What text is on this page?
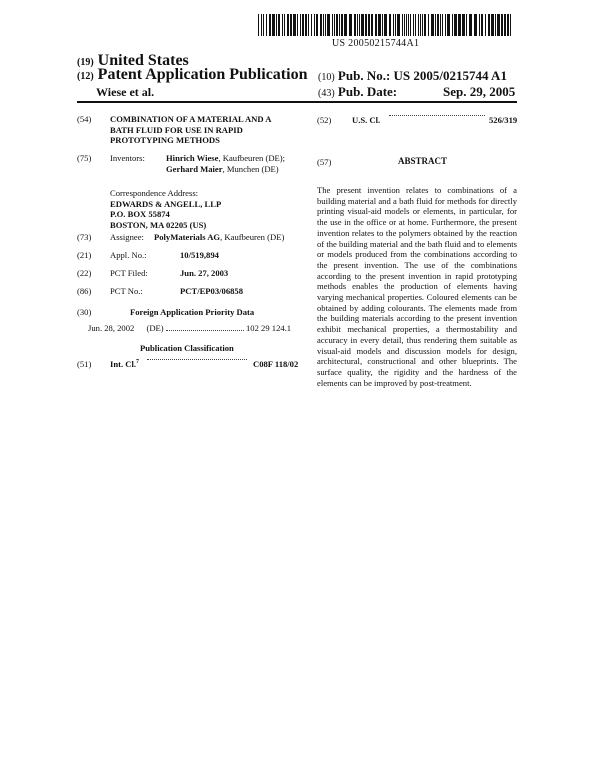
US 20050215744A1
(19) United States
(12) Patent Application Publication
Wiese et al.
(10) Pub. No.: US 2005/0215744 A1
(43) Pub. Date:	Sep. 29, 2005
(54) COMBINATION OF A MATERIAL AND A BATH FLUID FOR USE IN RAPID PROTOTYPING METHODS
(75) Inventors: Hinrich Wiese, Kaufbeuren (DE);
Gerhard Maier, Munchen (DE)
Correspondence Address:
EDWARDS & ANGELL, LLP
P.O. BOX 55874
BOSTON, MA 02205 (US)
(73) Assignee: PolyMaterials AG, Kaufbeuren (DE)
(21) Appl. No.:	10/519,894
(22) PCT Filed:	Jun. 27, 2003
(86) PCT No.:	PCT/EP03/06858
(30)	Foreign Application Priority Data
Jun. 28, 2002 (DE)	102 29 124.1
Publication Classification
(51) Int. Cl.$^7$	C08F 118/02
(52) U.S. Cl.	526/319
(57)	ABSTRACT
The present invention relates to combinations of a building material and a bath fluid for methods for directly printing visual-aid models or elements, in particular, for the use in the office or at home. Furthermore, the present invention relates to the polymers obtained by the reaction of the building material and the bath fluid and to elements or models produced from the combinations according to the present invention. The use of the combinations according to the present invention in rapid prototyping methods enables the production of elements having varying mechanical properties. Coloured elements can be obtained by adding colourants. The elements made from the building materials according to the present invention exhibit mechanical properties, a thermostability and accuracy in every detail, thus rendering them suitable as visual-aid models and discussion models for design, architectural, constructional and other blueprints. The surface quality, the rigidity and the hardness of the elements can be improved by post-treatment.
